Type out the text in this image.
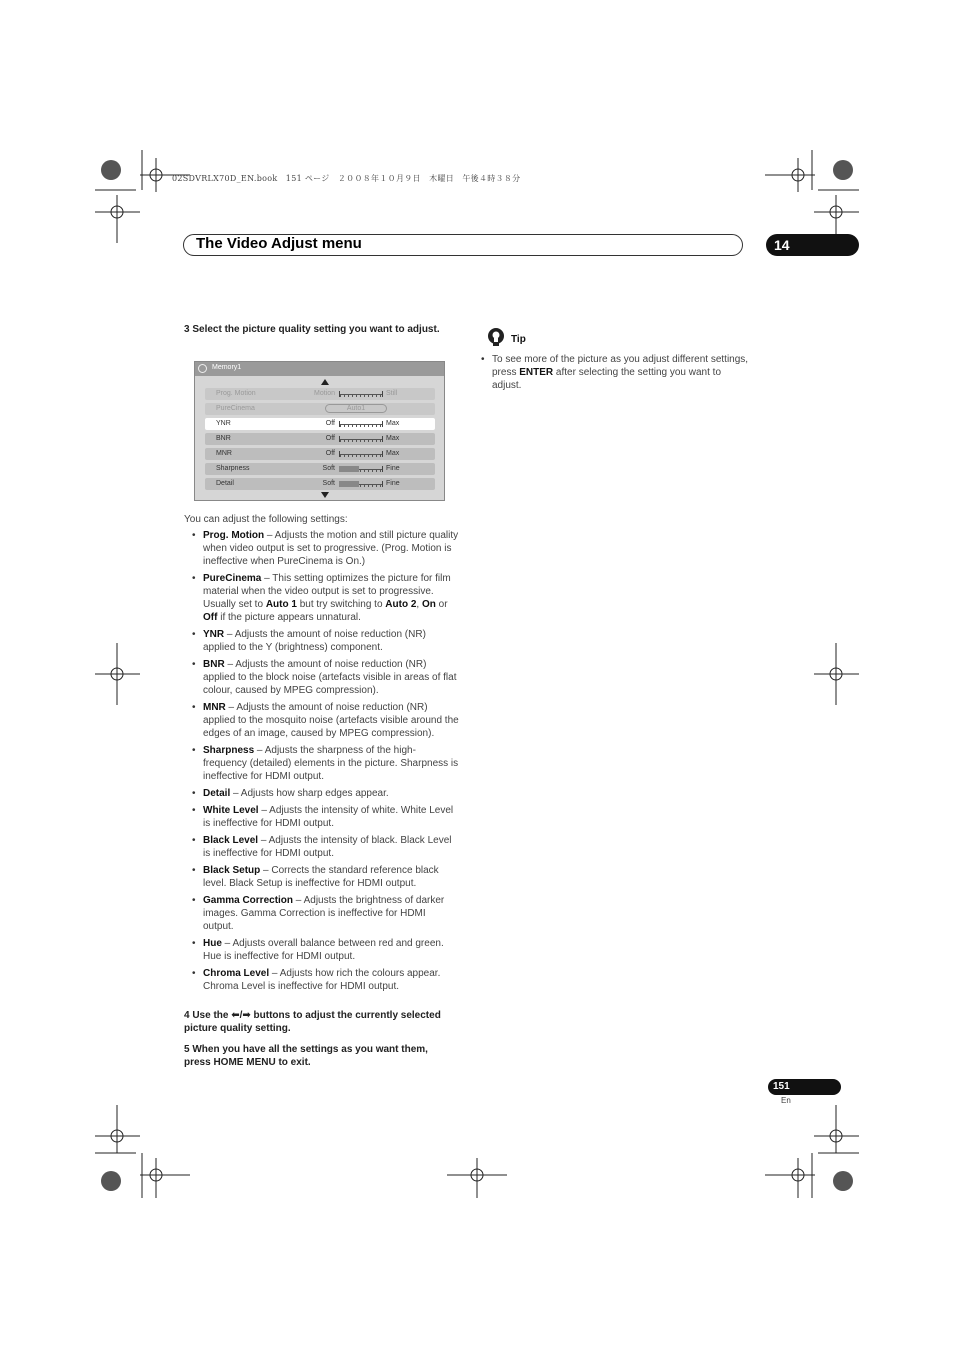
02SDVRLX70D_EN.book　151 ページ　２００８年１０月９日　木曜日　午後４時３８分
The Video Adjust menu	14
3 Select the picture quality setting you want to adjust.
Memory1
Prog. Motion	Motion	Still
PureCinema	Auto1
YNR	Off	Max
BNR	Off	Max
MNR	Off	Max
Sharpness	Soft	Fine
Detail	Soft	Fine
You can adjust the following settings:
• Prog. Motion – Adjusts the motion and still picture quality when video output is set to progressive. (Prog. Motion is ineffective when PureCinema is On.)
• PureCinema – This setting optimizes the picture for film material when the video output is set to progressive. Usually set to Auto 1 but try switching to Auto 2, On or Off if the picture appears unnatural.
• YNR – Adjusts the amount of noise reduction (NR) applied to the Y (brightness) component.
• BNR – Adjusts the amount of noise reduction (NR) applied to the block noise (artefacts visible in areas of flat colour, caused by MPEG compression).
• MNR – Adjusts the amount of noise reduction (NR) applied to the mosquito noise (artefacts visible around the edges of an image, caused by MPEG compression).
• Sharpness – Adjusts the sharpness of the high-frequency (detailed) elements in the picture. Sharpness is ineffective for HDMI output.
• Detail – Adjusts how sharp edges appear.
• White Level – Adjusts the intensity of white. White Level is ineffective for HDMI output.
• Black Level – Adjusts the intensity of black. Black Level is ineffective for HDMI output.
• Black Setup – Corrects the standard reference black level. Black Setup is ineffective for HDMI output.
• Gamma Correction – Adjusts the brightness of darker images. Gamma Correction is ineffective for HDMI output.
• Hue – Adjusts overall balance between red and green. Hue is ineffective for HDMI output.
• Chroma Level – Adjusts how rich the colours appear. Chroma Level is ineffective for HDMI output.
4 Use the ⬅/➡ buttons to adjust the currently selected picture quality setting.
5 When you have all the settings as you want them, press HOME MENU to exit.
Tip
• To see more of the picture as you adjust different settings, press ENTER after selecting the setting you want to adjust.
151
En
